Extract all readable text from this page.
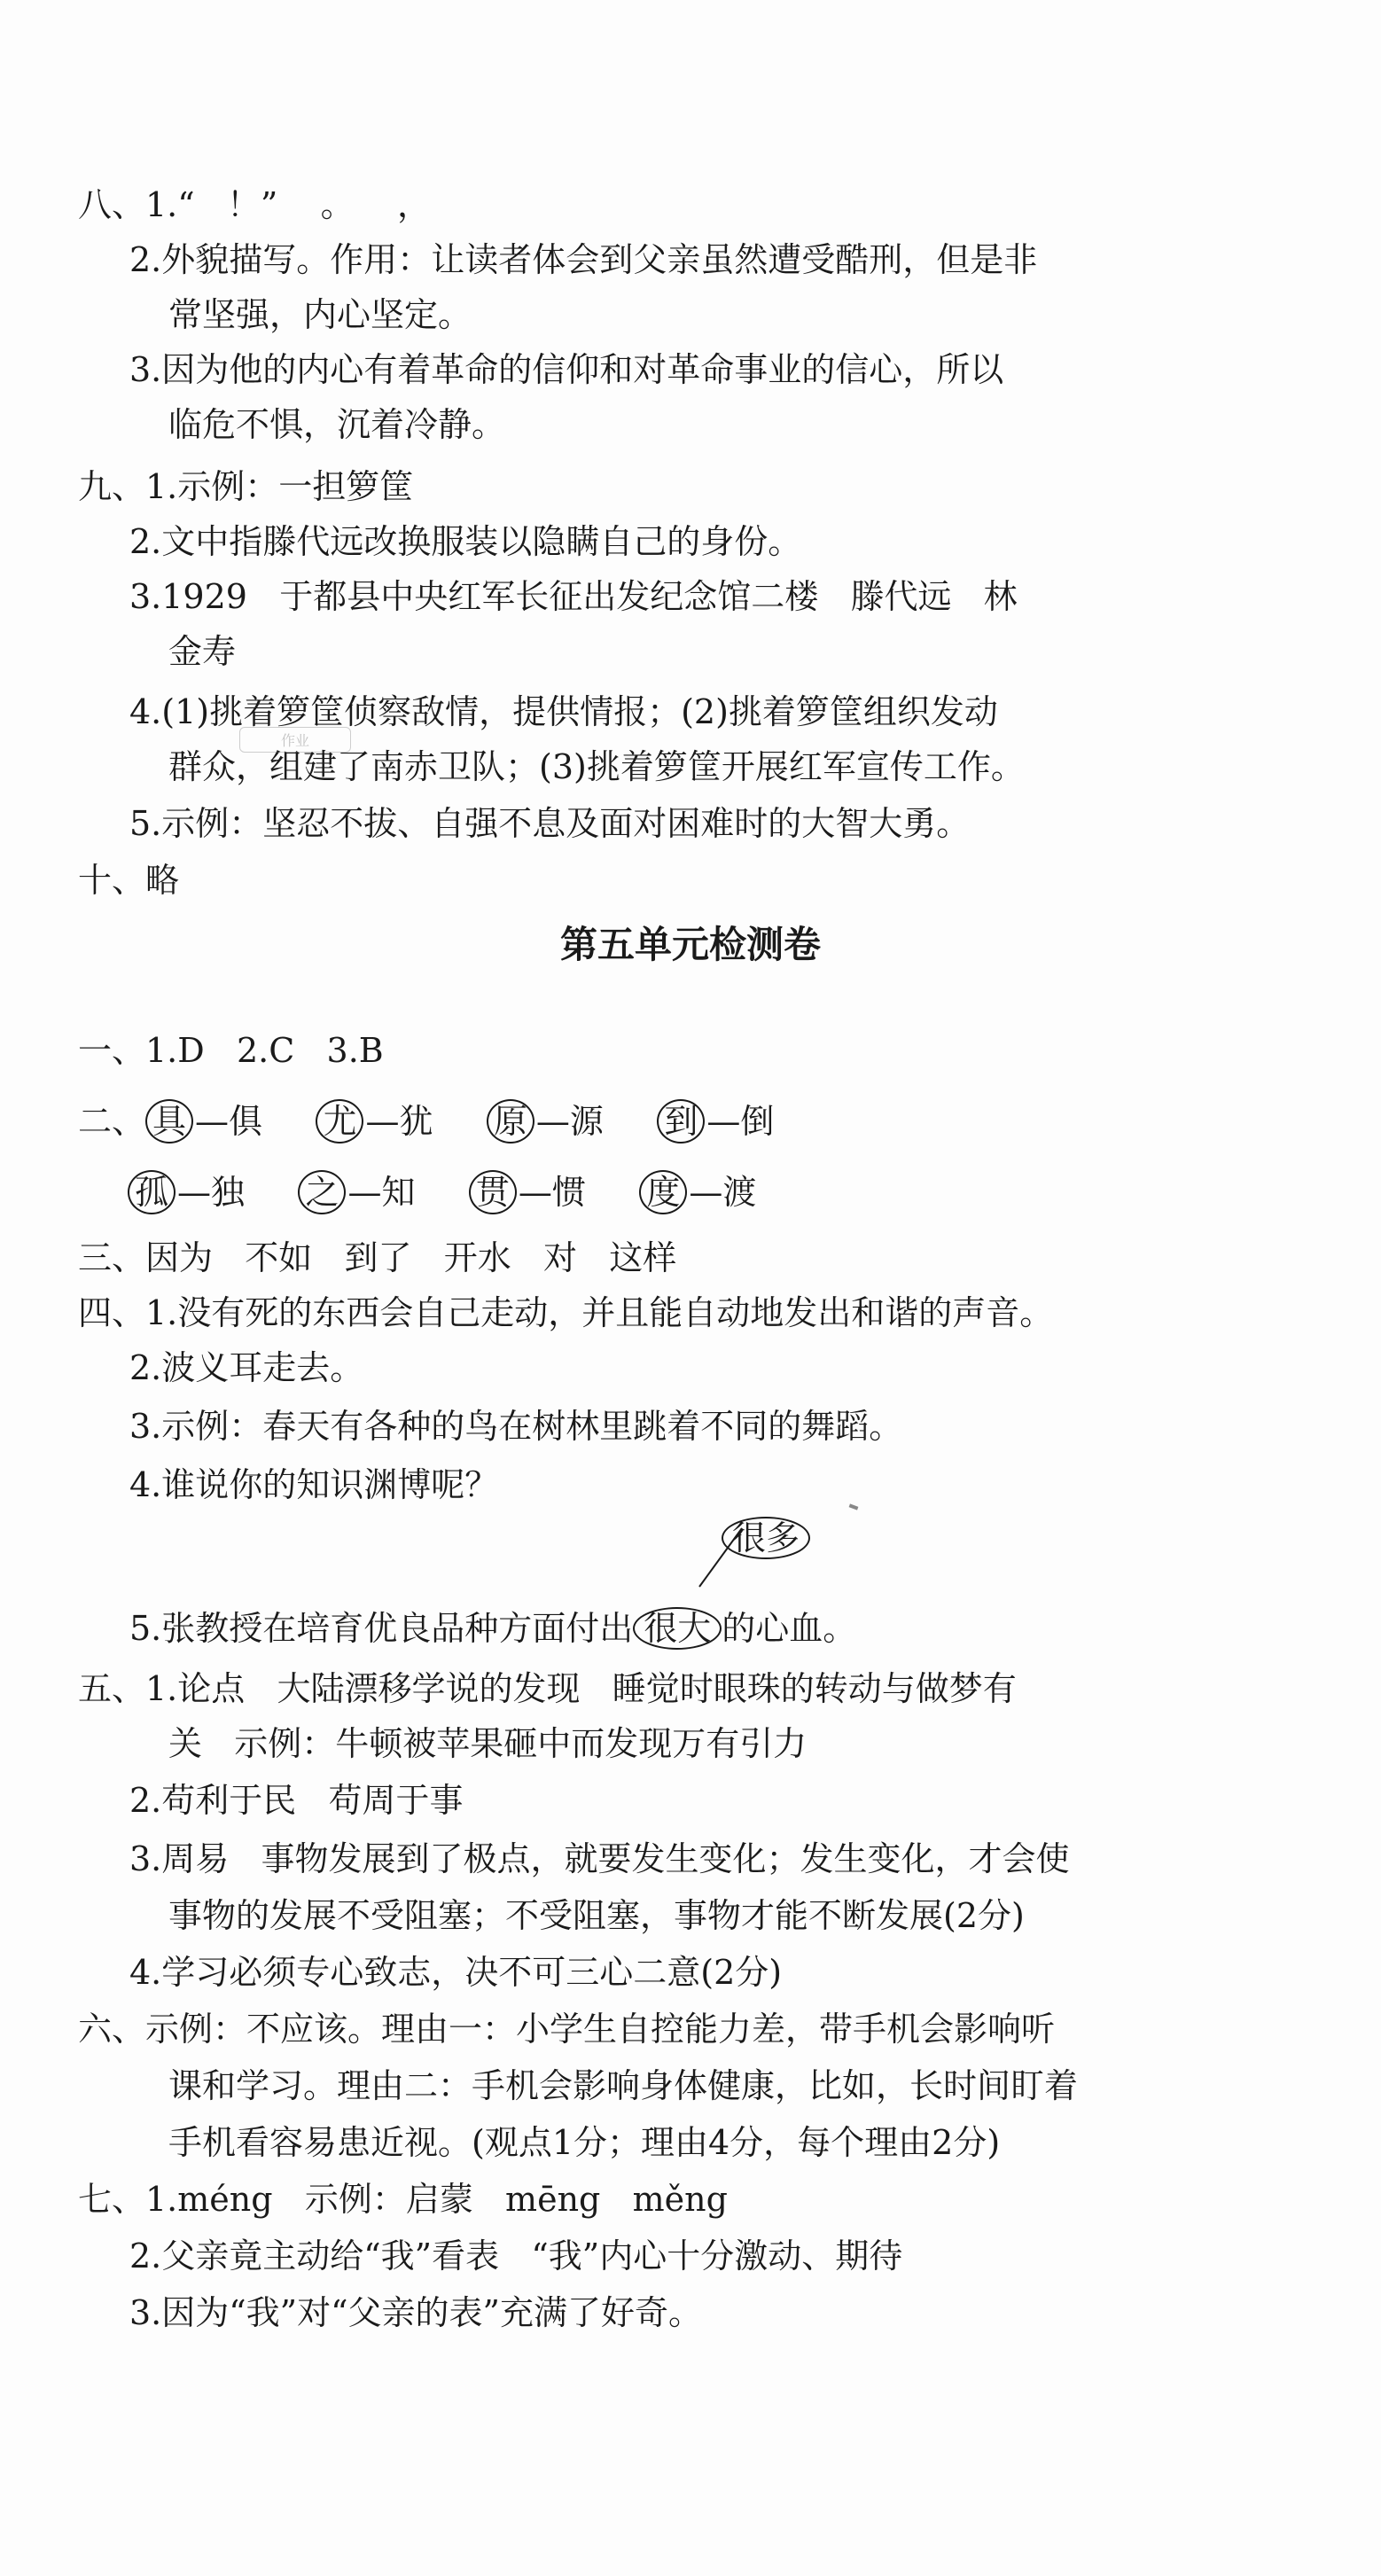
八、1.“   ！”    。    ，
2.外貌描写。作用：让读者体会到父亲虽然遭受酷刑，但是非
常坚强，内心坚定。
3.因为他的内心有着革命的信仰和对革命事业的信心，所以
临危不惧，沉着冷静。
九、1.示例：一担箩筐
2.文中指滕代远改换服装以隐瞒自己的身份。
3.1929   于都县中央红军长征出发纪念馆二楼   滕代远   林
金寿
4.(1)挑着箩筐侦察敌情，提供情报；(2)挑着箩筐组织发动
群众，组建了南赤卫队；(3)挑着箩筐开展红军宣传工作。
5.示例：坚忍不拔、自强不息及面对困难时的大智大勇。
十、略
作业
第五单元检测卷
一、1.D   2.C   3.B
二、 具 —俱 尤 —犹 原 —源 到 —倒
孤 —独 之 —知 贯 —惯 度 —渡
三、因为   不如   到了   开水   对   这样
四、1.没有死的东西会自己走动，并且能自动地发出和谐的声音。
2.波义耳走去。
3.示例：春天有各种的鸟在树林里跳着不同的舞蹈。
4.谁说你的知识渊博呢？
很多
5.张教授在培育优良品种方面付出 很大 的心血。
五、1.论点   大陆漂移学说的发现   睡觉时眼珠的转动与做梦有
关   示例：牛顿被苹果砸中而发现万有引力
2.苟利于民   苟周于事
3.周易   事物发展到了极点，就要发生变化；发生变化，才会使
事物的发展不受阻塞；不受阻塞，事物才能不断发展(2分)
4.学习必须专心致志，决不可三心二意(2分)
六、示例：不应该。理由一：小学生自控能力差，带手机会影响听
课和学习。理由二：手机会影响身体健康，比如，长时间盯着
手机看容易患近视。(观点1分；理由4分，每个理由2分)
七、1.méng   示例：启蒙   mēng   měng
2.父亲竟主动给“我”看表   “我”内心十分激动、期待
3.因为“我”对“父亲的表”充满了好奇。
